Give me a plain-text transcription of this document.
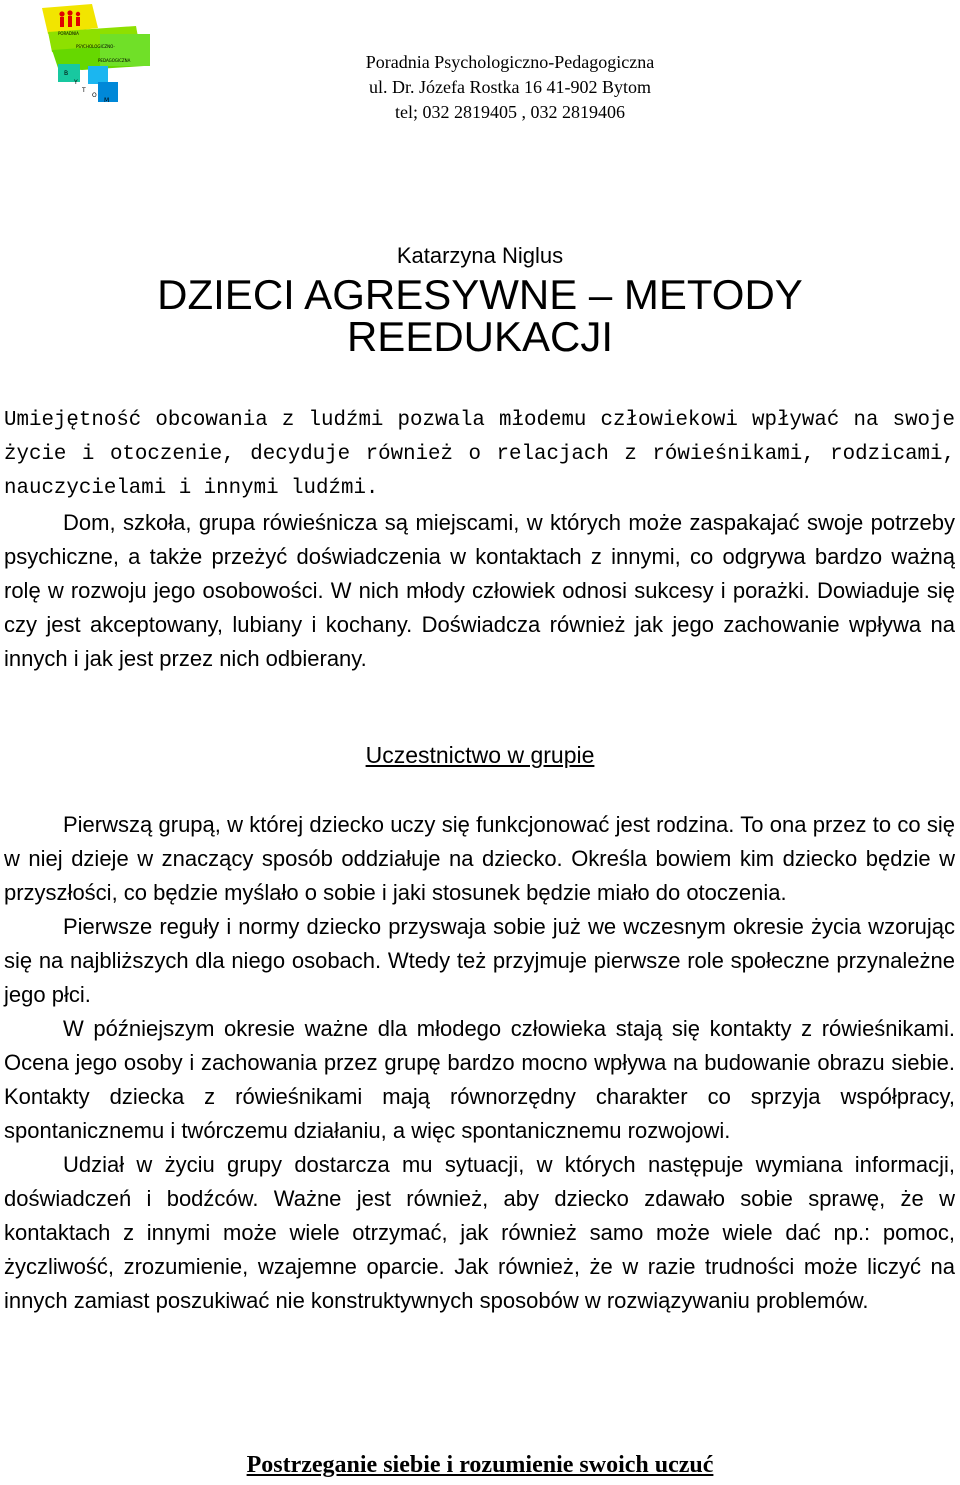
PORADNIA
PSYCHOLOGICZNO-
PEDAGOGICZNA
B
Y
T
O
M
Poradnia Psychologiczno-Pedagogiczna
ul. Dr. Józefa Rostka 16 41-902 Bytom
tel; 032 2819405 , 032 2819406
Katarzyna Niglus
DZIECI AGRESYWNE – METODY
REEDUKACJI

Umiejętność obcowania z ludźmi pozwala młodemu człowiekowi wpływać na swoje życie i otoczenie, decyduje również o relacjach z rówieśnikami, rodzicami, nauczycielami i innymi ludźmi.

Dom, szkoła, grupa rówieśnicza są miejscami, w których może zaspakajać swoje potrzeby psychiczne, a także przeżyć doświadczenia w kontaktach z innymi, co odgrywa bardzo ważną rolę w rozwoju jego osobowości. W nich młody człowiek odnosi sukcesy i porażki. Dowiaduje się czy jest akceptowany, lubiany i kochany. Doświadcza również jak jego zachowanie wpływa na innych i jak jest przez nich odbierany.

Uczestnictwo w grupie

Pierwszą grupą, w której dziecko uczy się funkcjonować jest rodzina. To ona przez to co się w niej dzieje w znaczący sposób oddziałuje na dziecko. Określa bowiem kim dziecko będzie w przyszłości, co będzie myślało o sobie i jaki stosunek będzie miało do otoczenia.

Pierwsze reguły i normy dziecko przyswaja sobie już we wczesnym okresie życia wzorując się na najbliższych dla niego osobach. Wtedy też przyjmuje pierwsze role społeczne przynależne jego płci.

W późniejszym okresie ważne dla młodego człowieka stają się kontakty z rówieśnikami. Ocena jego osoby i zachowania przez grupę bardzo mocno wpływa na budowanie obrazu siebie. Kontakty dziecka z rówieśnikami mają równorzędny charakter co sprzyja współpracy, spontanicznemu i twórczemu działaniu, a więc spontanicznemu rozwojowi.

Udział w życiu grupy dostarcza mu sytuacji, w których następuje wymiana informacji, doświadczeń i bodźców. Ważne jest również, aby dziecko zdawało sobie sprawę, że w kontaktach z innymi może wiele otrzymać, jak również samo może wiele dać np.: pomoc, życzliwość, zrozumienie, wzajemne oparcie. Jak również, że w razie trudności może liczyć na innych zamiast poszukiwać nie konstruktywnych sposobów w rozwiązywaniu problemów.

Postrzeganie siebie i rozumienie swoich uczuć
